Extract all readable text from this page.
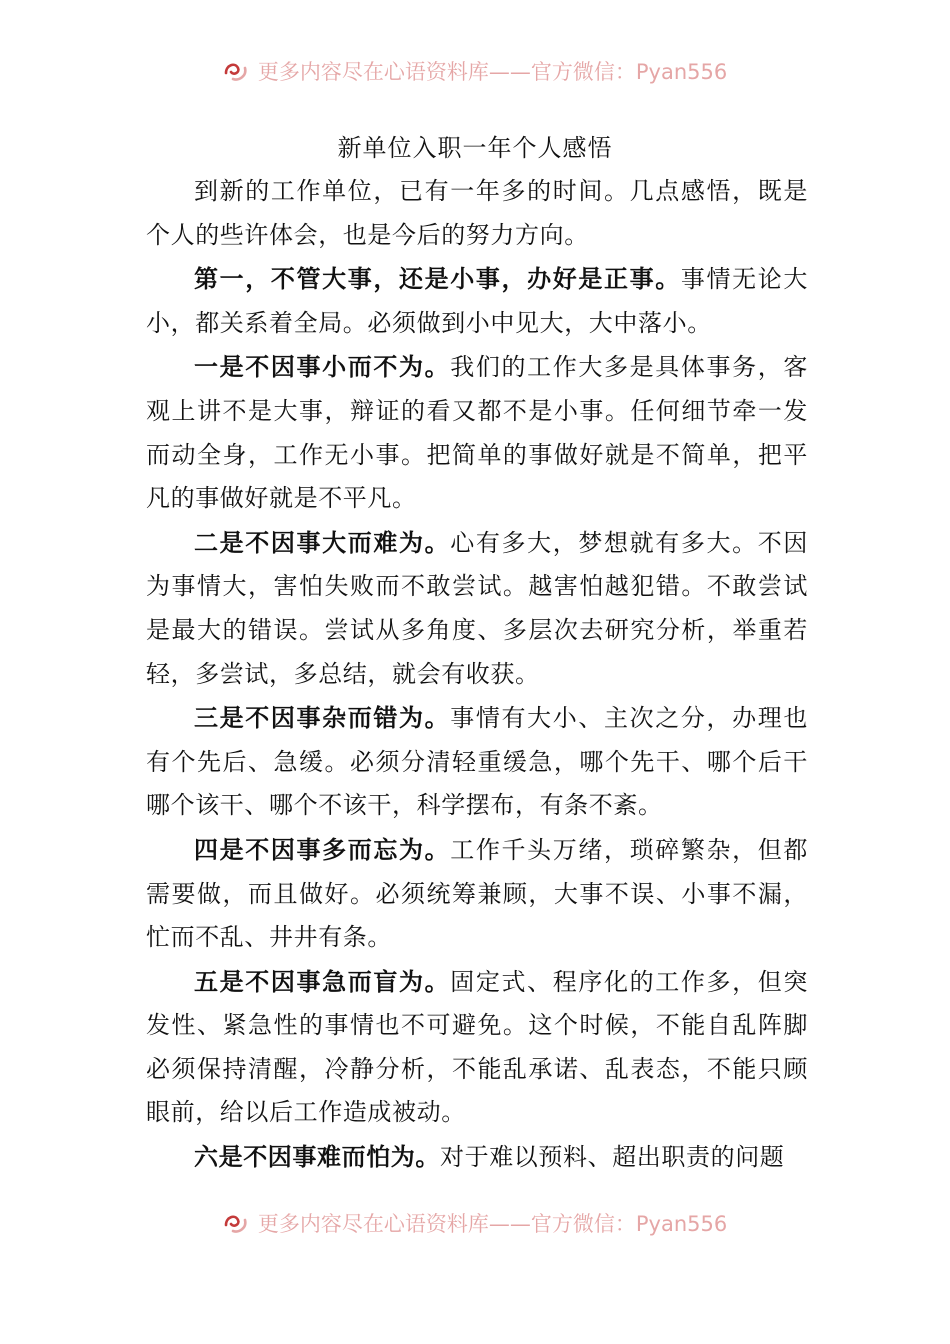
更多内容尽在心语资料库——官方微信：Pyan556
新单位入职一年个人感悟

到新的工作单位，已有一年多的时间。几点感悟，既是个人的些许体会，也是今后的努力方向。

第一，不管大事，还是小事，办好是正事。事情无论大小，都关系着全局。必须做到小中见大，大中落小。

一是不因事小而不为。我们的工作大多是具体事务，客观上讲不是大事，辩证的看又都不是小事。任何细节牵一发而动全身，工作无小事。把简单的事做好就是不简单，把平凡的事做好就是不平凡。

二是不因事大而难为。心有多大，梦想就有多大。不因为事情大，害怕失败而不敢尝试。越害怕越犯错。不敢尝试是最大的错误。尝试从多角度、多层次去研究分析，举重若轻，多尝试，多总结，就会有收获。

三是不因事杂而错为。事情有大小、主次之分，办理也有个先后、急缓。必须分清轻重缓急，哪个先干、哪个后干哪个该干、哪个不该干，科学摆布，有条不紊。

四是不因事多而忘为。工作千头万绪，琐碎繁杂，但都需要做，而且做好。必须统筹兼顾，大事不误、小事不漏，忙而不乱、井井有条。

五是不因事急而盲为。固定式、程序化的工作多，但突发性、紧急性的事情也不可避免。这个时候，不能自乱阵脚必须保持清醒，冷静分析，不能乱承诺、乱表态，不能只顾眼前，给以后工作造成被动。

六是不因事难而怕为。对于难以预料、超出职责的问题

更多内容尽在心语资料库——官方微信：Pyan556
